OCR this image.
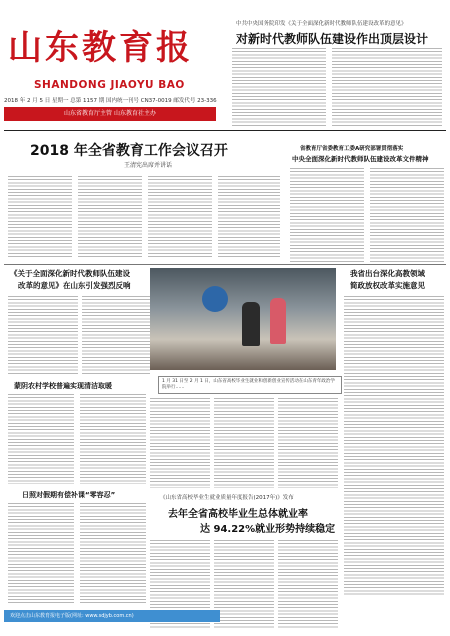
山东教育报
SHANDONG JIAOYU BAO
2018 年 2 月 5 日 星期一 总第 1157 期 国内统一刊号 CN37-0019 邮发代号 23-336
山东省教育厅主管 山东教育社主办
中共中央国务院印发《关于全面深化新时代教师队伍建设改革的意见》
对新时代教师队伍建设作出顶层设计
2018 年全省教育工作会议召开
王清宪出席并讲话
省教育厅省委教育工委A研究部署贯彻落实
中央全面深化新时代教师队伍建设改革文件精神
《关于全面深化新时代教师队伍建设
改革的意见》在山东引发强烈反响
1 月 31 日至 2 月 1 日，山东省高校毕业生就业和创新创业宣传活动在山东青年政治学院举行……
我省出台深化高教领域
简政放权改革实施意见
蒙阴农村学校普遍实现清洁取暖
日照对假期有偿补课“零容忍”	《山东省高校毕业生就业质量年度报告(2017年)》发布
去年全省高校毕业生总体就业率
达 94.22%就业形势持续稳定
欢迎点击山东教育报电子版(网址: www.sdjyb.com.cn)
